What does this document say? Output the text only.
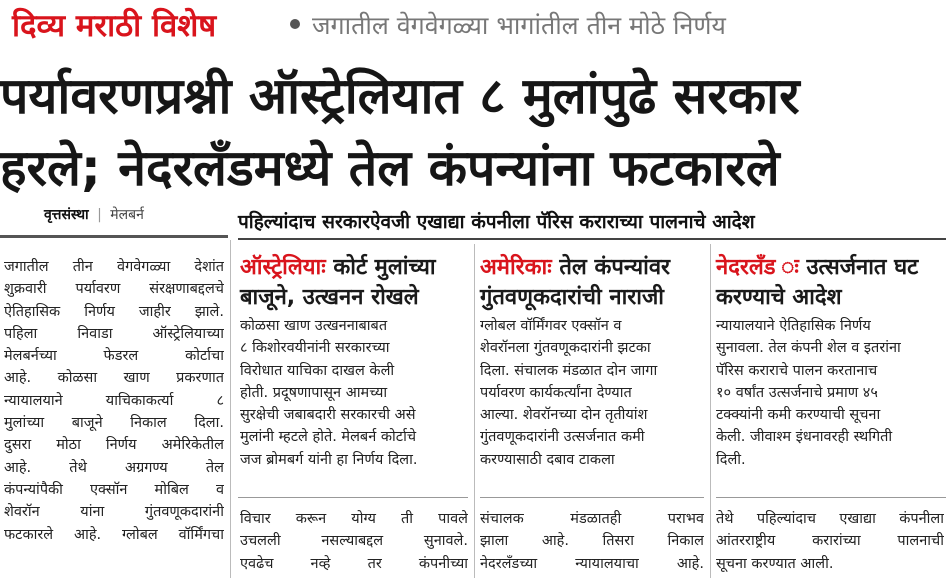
दिव्य मराठी विशेष	जगातील वेगवेगळ्या भागांतील तीन मोठे निर्णय
पर्यावरणप्रश्नी ऑस्ट्रेलियात ८ मुलांपुढे सरकार
हरले; नेदरलँडमध्ये तेल कंपन्यांना फटकारले
वृत्तसंस्था | मेलबर्न	पहिल्यांदाच सरकारऐवजी एखाद्या कंपनीला पॅरिस कराराच्या पालनाचे आदेश
जगातील तीन वेगवेगळ्या देशांत
शुक्रवारी पर्यावरण संरक्षणाबद्दलचे
ऐतिहासिक निर्णय जाहीर झाले.
पहिला निवाडा ऑस्ट्रेलियाच्या
मेलबर्नच्या फेडरल कोर्टाचा
आहे. कोळसा खाण प्रकरणात
न्यायालयाने याचिकाकर्त्या ८
मुलांच्या बाजूने निकाल दिला.
दुसरा मोठा निर्णय अमेरिकेतील
आहे. तेथे अग्रगण्य तेल
कंपन्यांपैकी एक्सॉन मोबिल व
शेवरॉन यांना गुंतवणूकदारांनी
फटकारले आहे. ग्लोबल वॉर्मिंगचा
ऑस्ट्रेलियाः कोर्ट मुलांच्या
बाजूने, उत्खनन रोखले
कोळसा खाण उत्खननाबाबत
८ किशोरवयीनांनी सरकारच्या
विरोधात याचिका दाखल केली
होती. प्रदूषणापासून आमच्या
सुरक्षेची जबाबदारी सरकारची असे
मुलांनी म्हटले होते. मेलबर्न कोर्टाचे
जज ब्रोमबर्ग यांनी हा निर्णय दिला.
विचार करून योग्य ती पावले
उचलली नसल्याबद्दल सुनावले.
एवढेच नव्हे तर कंपनीच्या
अमेरिकाः तेल कंपन्यांवर
गुंतवणूकदारांची नाराजी
ग्लोबल वॉर्मिंगवर एक्सॉन व
शेवरॉनला गुंतवणूकदारांनी झटका
दिला. संचालक मंडळात दोन जागा
पर्यावरण कार्यकर्त्यांना देण्यात
आल्या. शेवरॉनच्या दोन तृतीयांश
गुंतवणूकदारांनी उत्सर्जनात कमी
करण्यासाठी दबाव टाकला
संचालक मंडळातही पराभव
झाला आहे. तिसरा निकाल
नेदरलँडच्या न्यायालयाचा आहे.
नेदरलँड ः उत्सर्जनात घट
करण्याचे आदेश
न्यायालयाने ऐतिहासिक निर्णय
सुनावला. तेल कंपनी शेल व इतरांना
पॅरिस कराराचे पालन करतानाच
१० वर्षांत उत्सर्जनाचे प्रमाण ४५
टक्क्यांनी कमी करण्याची सूचना
केली. जीवाश्म इंधनावरही स्थगिती
दिली.
तेथे पहिल्यांदाच एखाद्या कंपनीला
आंतरराष्ट्रीय करारांच्या पालनाची
सूचना करण्यात आली.
